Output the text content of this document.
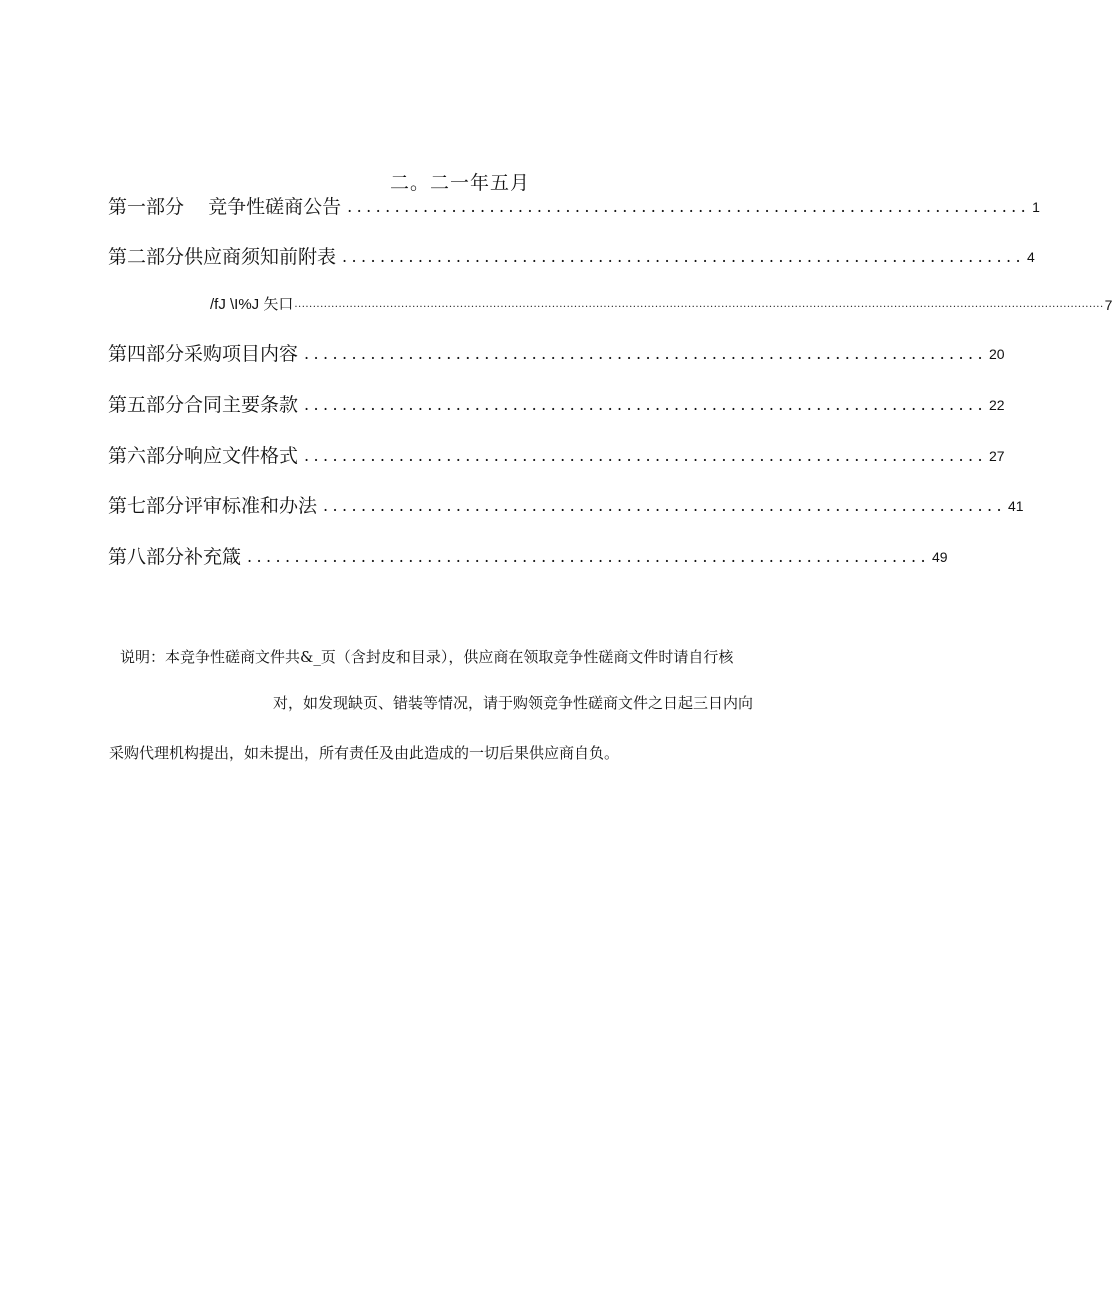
二。二一年五月
第一部分    竞争性磋商公告 ........................................................................ 1
第二部分供应商须知前附表 ........................................................................ 4
/fJ \I%J 矢口 ............................................................................................................................................................................................................................ 7
第四部分采购项目内容 ........................................................................ 20
第五部分合同主要条款 ........................................................................ 22
第六部分响应文件格式 ........................................................................ 27
第七部分评审标准和办法 ........................................................................ 41
第八部分补充箴 ........................................................................ 49
说明：本竞争性磋商文件共&_页（含封皮和目录），供应商在领取竞争性磋商文件时请自行核
对，如发现缺页、错装等情况，请于购领竞争性磋商文件之日起三日内向
采购代理机构提出，如未提出，所有责任及由此造成的一切后果供应商自负。
